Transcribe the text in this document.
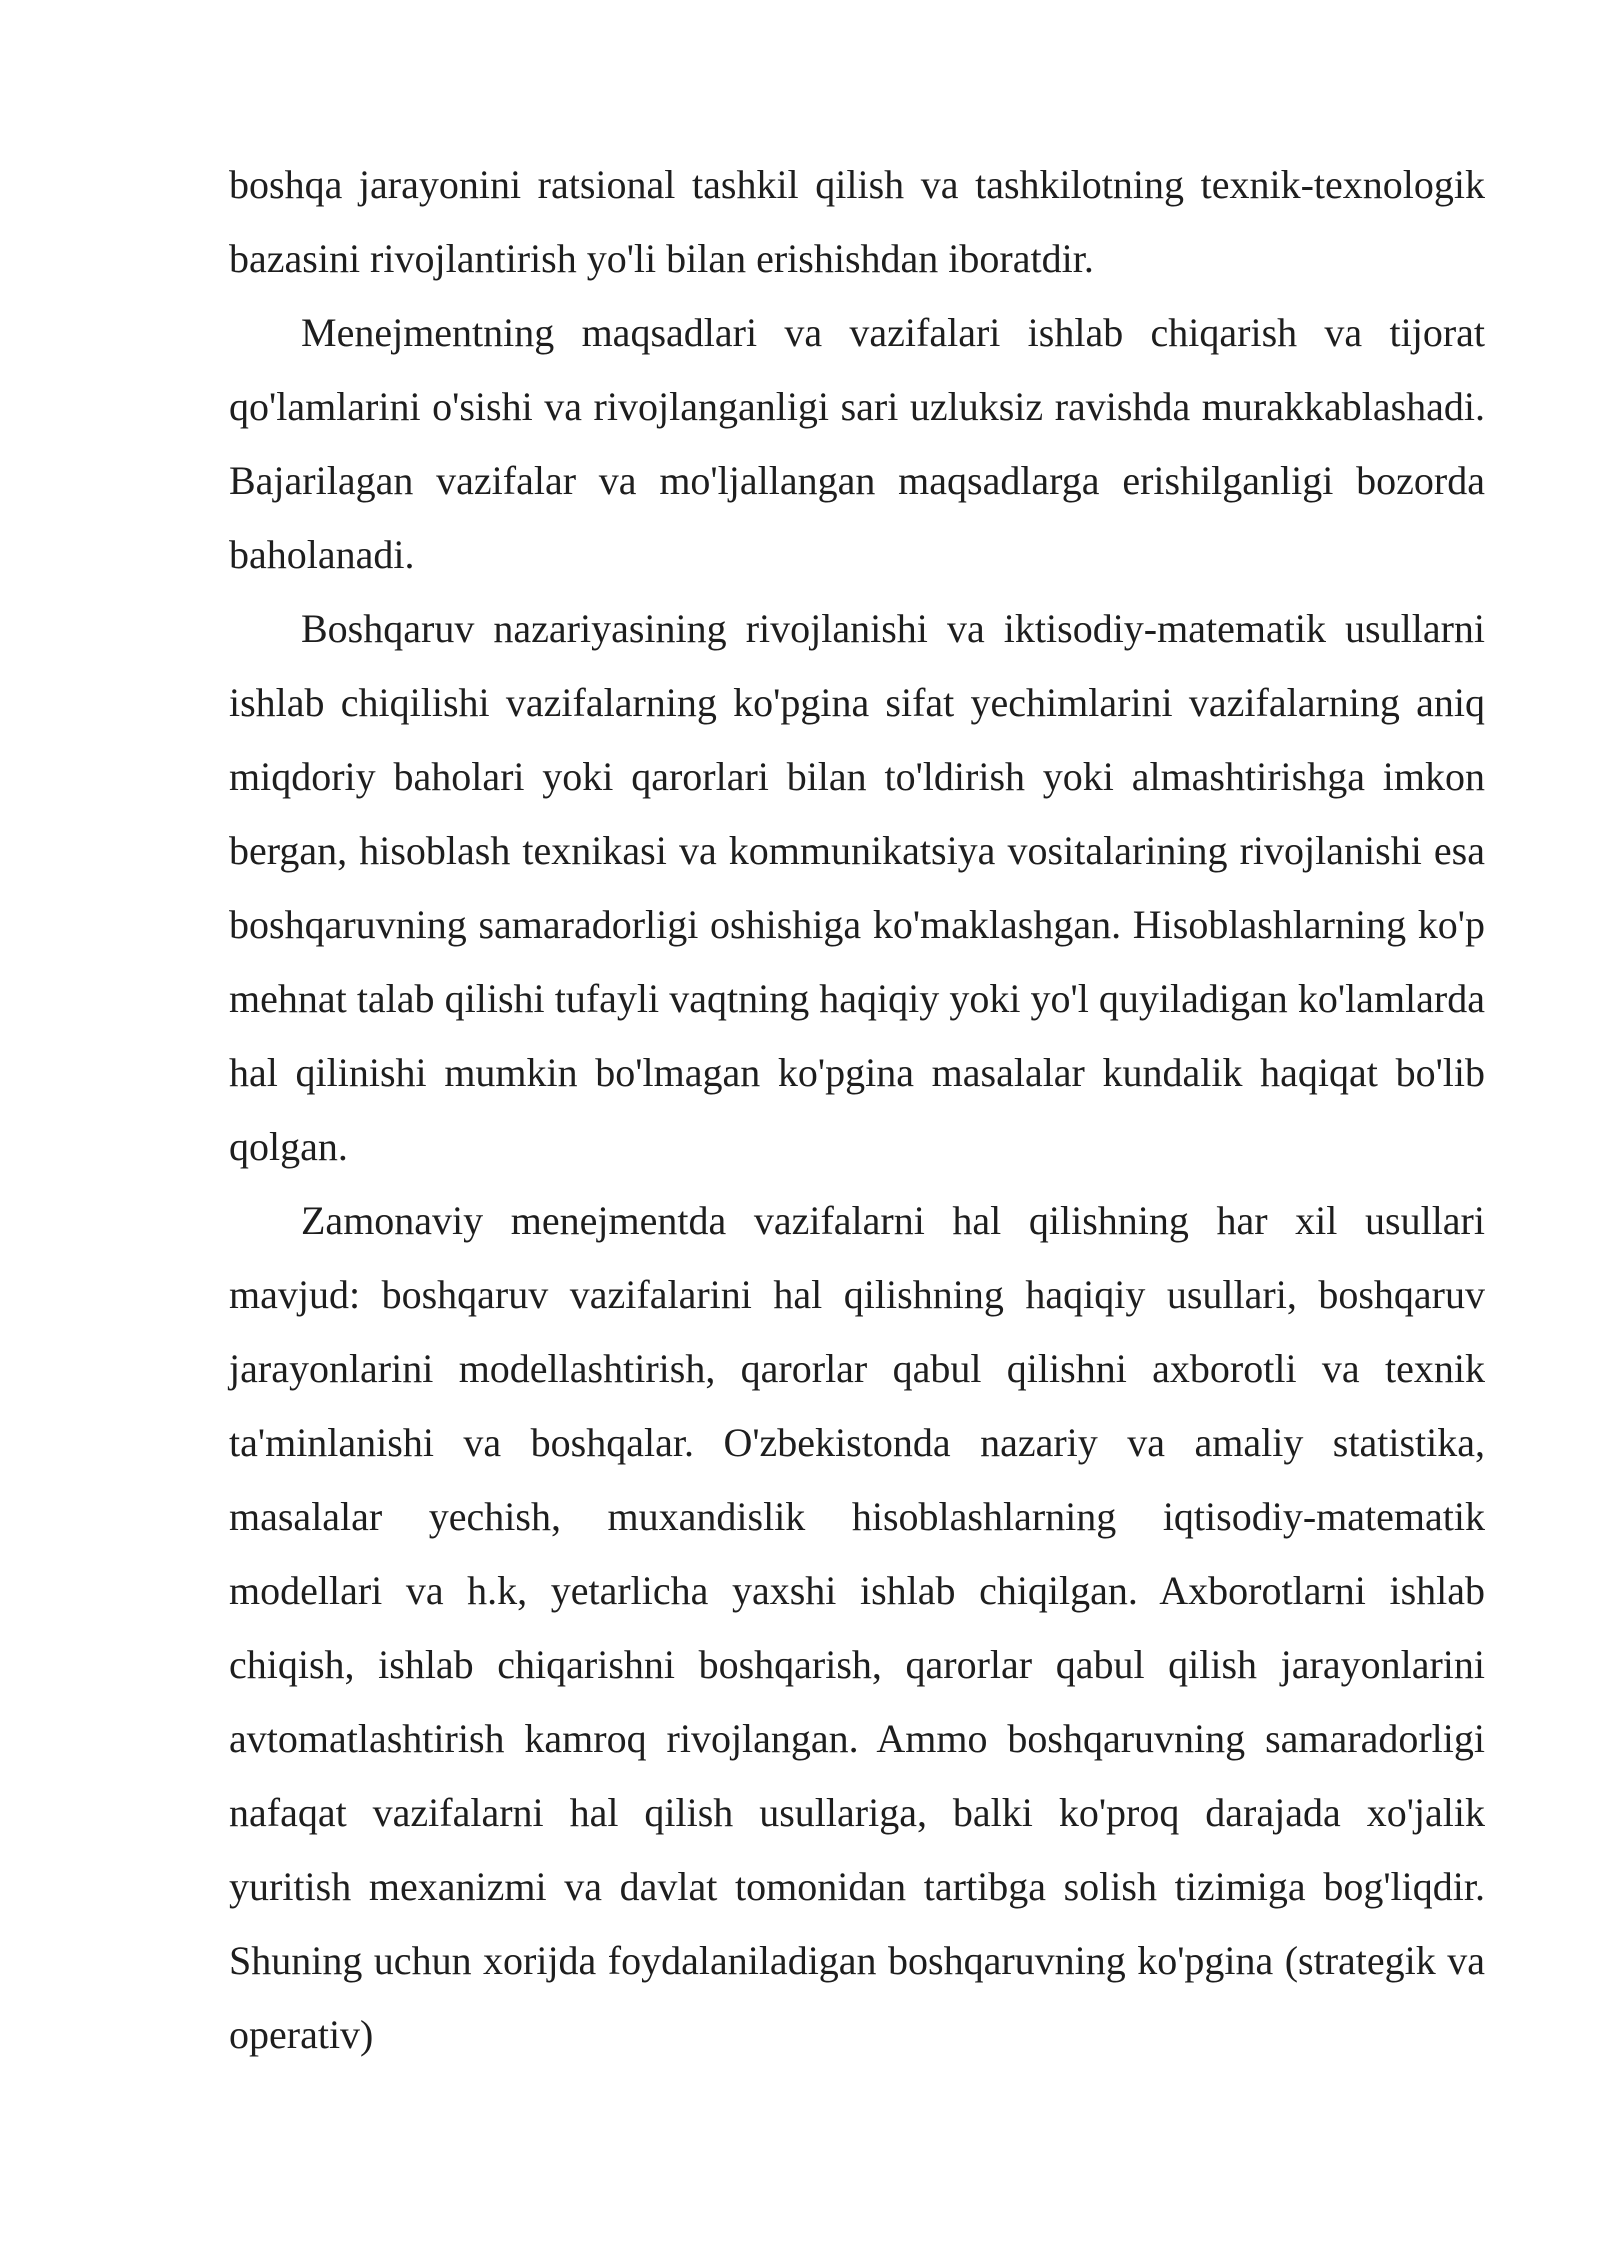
boshqa jarayonini ratsional tashkil qilish va tashkilotning texnik-texnologik bazasini rivojlantirish yo'li bilan erishishdan iboratdir.

Menejmentning maqsadlari va vazifalari ishlab chiqarish va tijorat qo'lamlarini o'sishi va rivojlanganligi sari uzluksiz ravishda murakkablashadi. Bajarilagan vazifalar va mo'ljallangan maqsadlarga erishilganligi bozorda baholanadi.

Boshqaruv nazariyasining rivojlanishi va iktisodiy-matematik usullarni ishlab chiqilishi vazifalarning ko'pgina sifat yechimlarini vazifalarning aniq miqdoriy baholari yoki qarorlari bilan to'ldirish yoki almashtirishga imkon bergan, hisoblash texnikasi va kommunikatsiya vositalarining rivojlanishi esa boshqaruvning samaradorligi oshishiga ko'maklashgan. Hisoblashlarning ko'p mehnat talab qilishi tufayli vaqtning haqiqiy yoki yo'l quyiladigan ko'lamlarda hal qilinishi mumkin bo'lmagan ko'pgina masalalar kundalik haqiqat bo'lib qolgan.

Zamonaviy menejmentda vazifalarni hal qilishning har xil usullari mavjud: boshqaruv vazifalarini hal qilishning haqiqiy usullari, boshqaruv jarayonlarini modellashtirish, qarorlar qabul qilishni axborotli va texnik ta'minlanishi va boshqalar. O'zbekistonda nazariy va amaliy statistika, masalalar yechish, muxandislik hisoblashlarning iqtisodiy-matematik modellari va h.k, yetarlicha yaxshi ishlab chiqilgan. Axborotlarni ishlab chiqish, ishlab chiqarishni boshqarish, qarorlar qabul qilish jarayonlarini avtomatlashtirish kamroq rivojlangan. Ammo boshqaruvning samaradorligi nafaqat vazifalarni hal qilish usullariga, balki ko'proq darajada xo'jalik yuritish mexanizmi va davlat tomonidan tartibga solish tizimiga bog'liqdir. Shuning uchun xorijda foydalaniladigan boshqaruvning ko'pgina (strategik va operativ)
